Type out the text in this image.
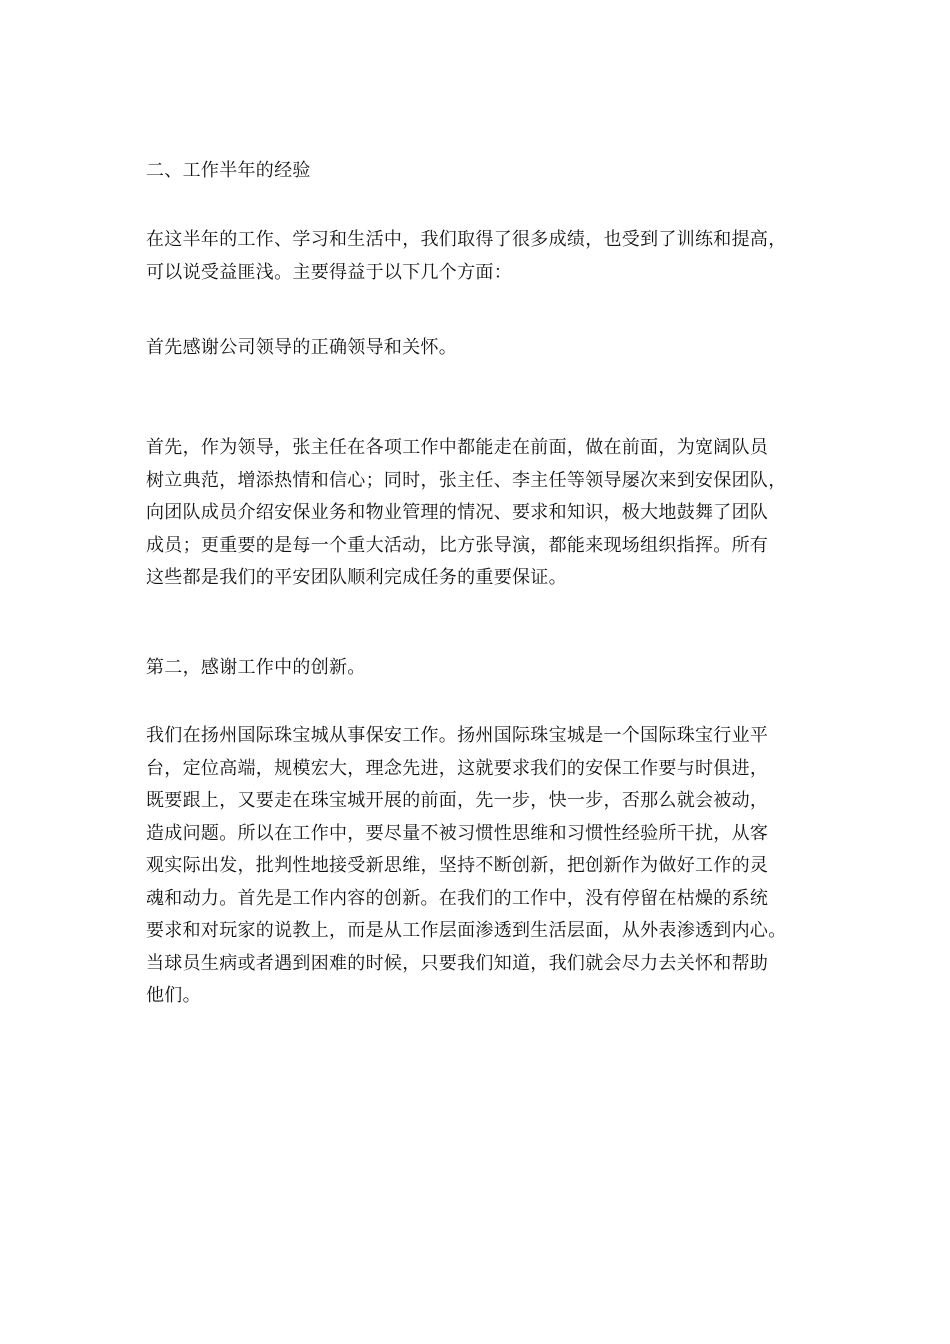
二、工作半年的经验

在这半年的工作、学习和生活中，我们取得了很多成绩，也受到了训练和提高，
可以说受益匪浅。主要得益于以下几个方面：

首先感谢公司领导的正确领导和关怀。

首先，作为领导，张主任在各项工作中都能走在前面，做在前面，为宽阔队员
树立典范，增添热情和信心；同时，张主任、李主任等领导屡次来到安保团队，
向团队成员介绍安保业务和物业管理的情况、要求和知识，极大地鼓舞了团队
成员；更重要的是每一个重大活动，比方张导演，都能来现场组织指挥。所有
这些都是我们的平安团队顺利完成任务的重要保证。

第二，感谢工作中的创新。

我们在扬州国际珠宝城从事保安工作。扬州国际珠宝城是一个国际珠宝行业平
台，定位高端，规模宏大，理念先进，这就要求我们的安保工作要与时俱进，
既要跟上，又要走在珠宝城开展的前面，先一步，快一步，否那么就会被动，
造成问题。所以在工作中，要尽量不被习惯性思维和习惯性经验所干扰，从客
观实际出发，批判性地接受新思维，坚持不断创新，把创新作为做好工作的灵
魂和动力。首先是工作内容的创新。在我们的工作中，没有停留在枯燥的系统
要求和对玩家的说教上，而是从工作层面渗透到生活层面，从外表渗透到内心。
当球员生病或者遇到困难的时候，只要我们知道，我们就会尽力去关怀和帮助
他们。
